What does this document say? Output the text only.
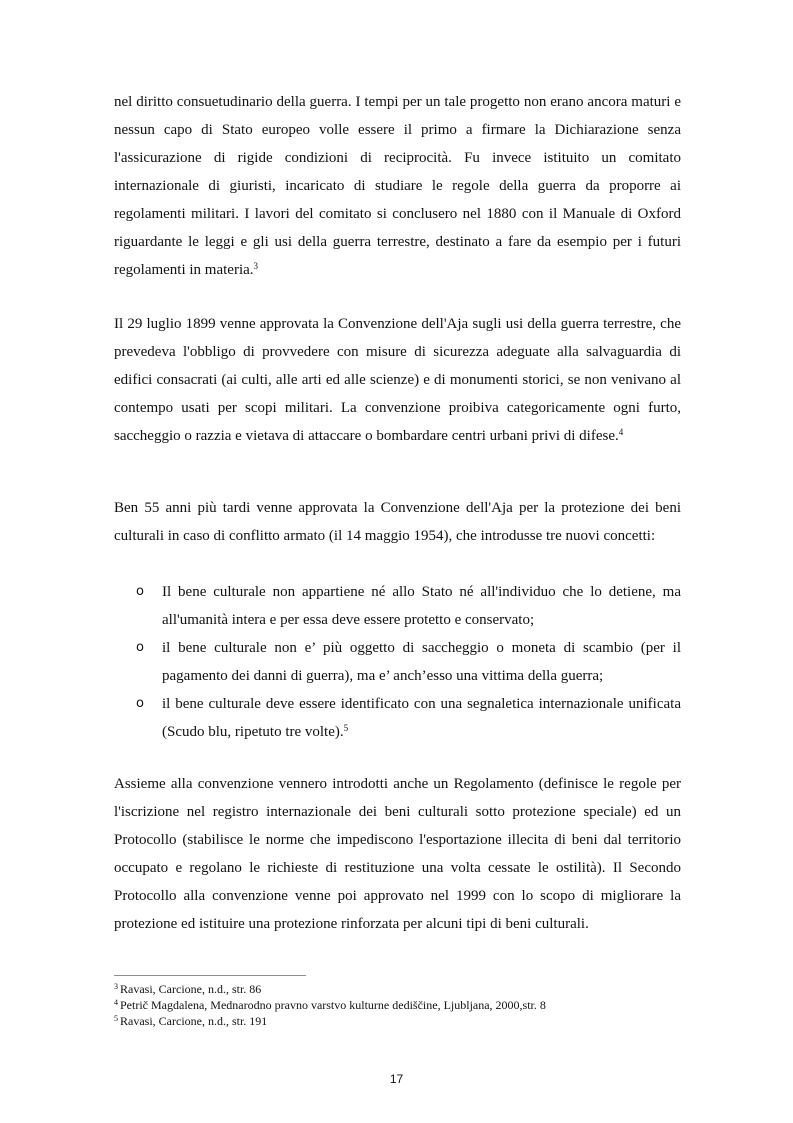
nel diritto consuetudinario della guerra. I tempi per un tale progetto non erano ancora maturi e nessun capo di Stato europeo volle essere il primo a firmare la Dichiarazione senza l'assicurazione di rigide condizioni di reciprocità. Fu invece istituito un comitato internazionale di giuristi, incaricato di studiare le regole della guerra da proporre ai regolamenti militari. I lavori del comitato si conclusero nel 1880 con il Manuale di Oxford riguardante le leggi e gli usi della guerra terrestre, destinato a fare da esempio per i futuri regolamenti in materia.$^3$

Il 29 luglio 1899 venne approvata la Convenzione dell'Aja sugli usi della guerra terrestre, che prevedeva l'obbligo di provvedere con misure di sicurezza adeguate alla salvaguardia di edifici consacrati (ai culti, alle arti ed alle scienze) e di monumenti storici, se non venivano al contempo usati per scopi militari. La convenzione proibiva categoricamente ogni furto, saccheggio o razzia e vietava di attaccare o bombardare centri urbani privi di difese.$^4$

Ben 55 anni più tardi venne approvata la Convenzione dell'Aja per la protezione dei beni culturali in caso di conflitto armato (il 14 maggio 1954), che introdusse tre nuovi concetti:

o Il bene culturale non appartiene né allo Stato né all'individuo che lo detiene, ma all'umanità intera e per essa deve essere protetto e conservato;
o il bene culturale non e’ più oggetto di saccheggio o moneta di scambio (per il pagamento dei danni di guerra), ma e’ anch’esso una vittima della guerra;
o il bene culturale deve essere identificato con una segnaletica internazionale unificata (Scudo blu, ripetuto tre volte).$^5$

Assieme alla convenzione vennero introdotti anche un Regolamento (definisce le regole per l'iscrizione nel registro internazionale dei beni culturali sotto protezione speciale) ed un Protocollo (stabilisce le norme che impediscono l'esportazione illecita di beni dal territorio occupato e regolano le richieste di restituzione una volta cessate le ostilità). Il Secondo Protocollo alla convenzione venne poi approvato nel 1999 con lo scopo di migliorare la protezione ed istituire una protezione rinforzata per alcuni tipi di beni culturali.

$^3$ Ravasi, Carcione, n.d., str. 86
$^4$ Petrič Magdalena, Mednarodno pravno varstvo kulturne dediščine, Ljubljana, 2000,str. 8
$^5$ Ravasi, Carcione, n.d., str. 191
17
